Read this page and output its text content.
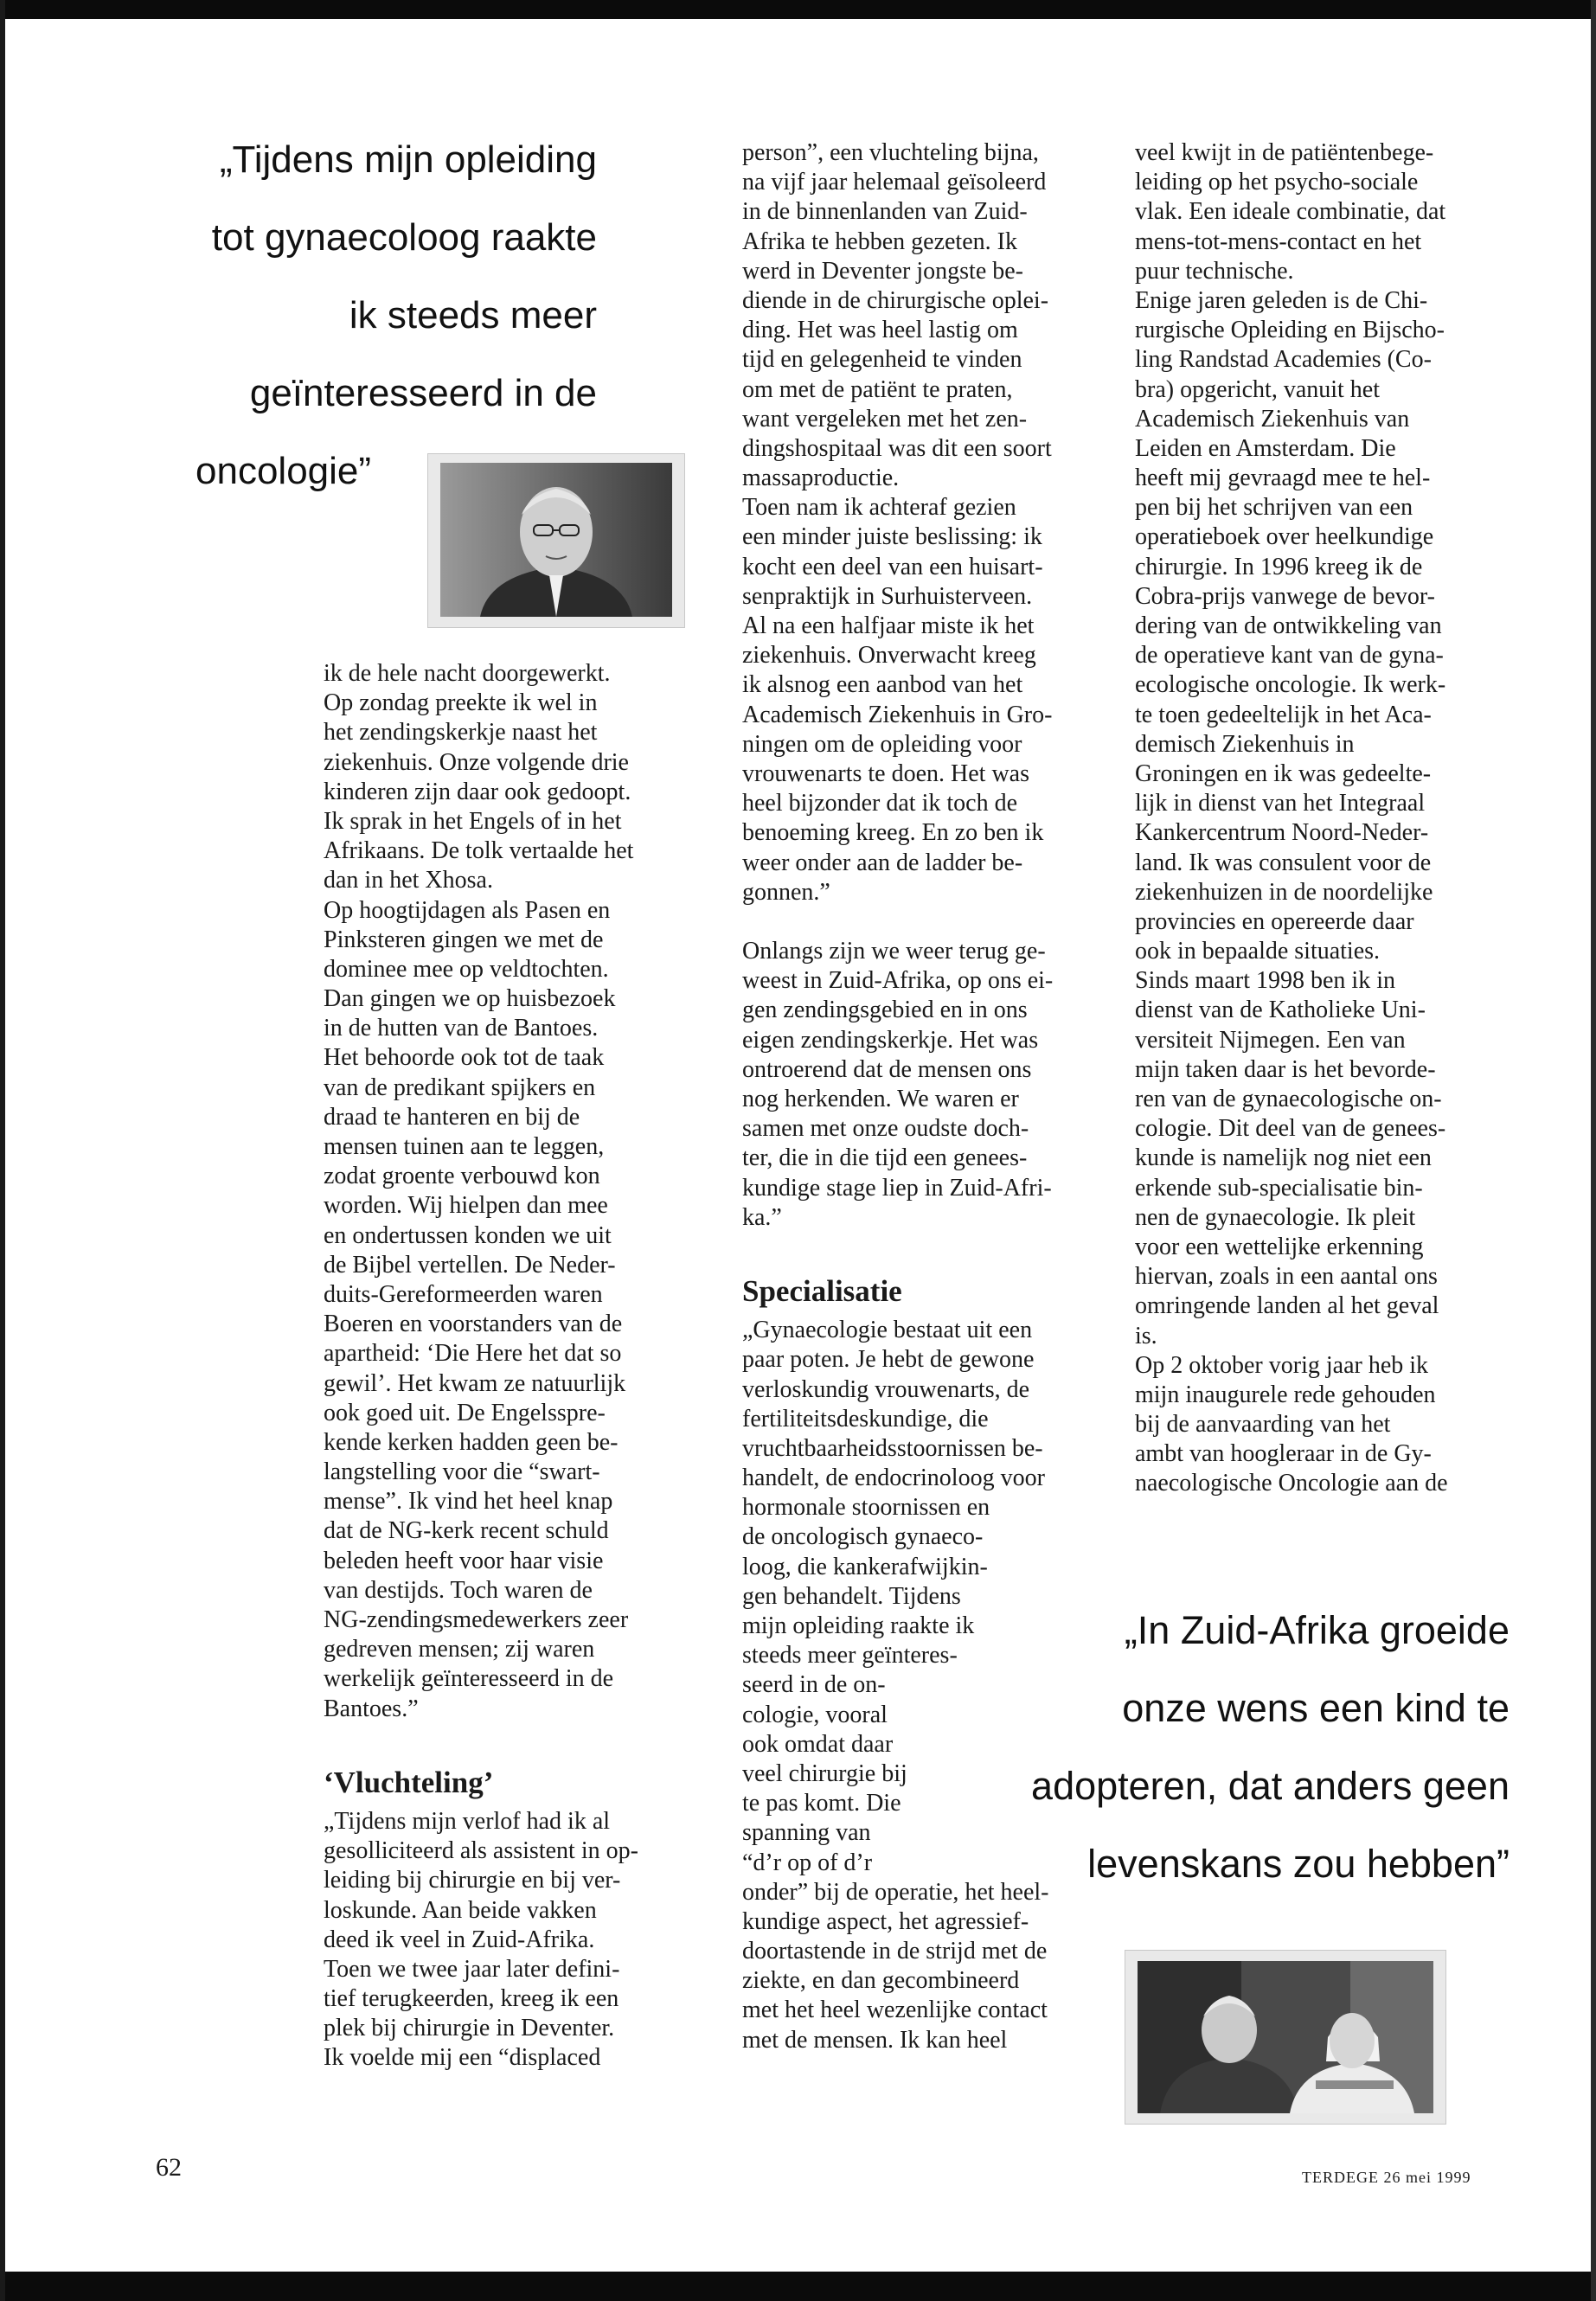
„Tijdens mijn opleiding
tot gynaecoloog raakte
ik steeds meer
geïnteresseerd in de
oncologie”
ik de hele nacht doorgewerkt.
Op zondag preekte ik wel in
het zendingskerkje naast het
ziekenhuis. Onze volgende drie
kinderen zijn daar ook gedoopt.
Ik sprak in het Engels of in het
Afrikaans. De tolk vertaalde het
dan in het Xhosa.
Op hoogtijdagen als Pasen en
Pinksteren gingen we met de
dominee mee op veldtochten.
Dan gingen we op huisbezoek
in de hutten van de Bantoes.
Het behoorde ook tot de taak
van de predikant spijkers en
draad te hanteren en bij de
mensen tuinen aan te leggen,
zodat groente verbouwd kon
worden. Wij hielpen dan mee
en ondertussen konden we uit
de Bijbel vertellen. De Neder-
duits-Gereformeerden waren
Boeren en voorstanders van de
apartheid: ‘Die Here het dat so
gewil’. Het kwam ze natuurlijk
ook goed uit. De Engelsspre-
kende kerken hadden geen be-
langstelling voor die “swart-
mense”. Ik vind het heel knap
dat de NG-kerk recent schuld
beleden heeft voor haar visie
van destijds. Toch waren de
NG-zendingsmedewerkers zeer
gedreven mensen; zij waren
werkelijk geïnteresseerd in de
Bantoes.”
‘Vluchteling’
„Tijdens mijn verlof had ik al
gesolliciteerd als assistent in op-
leiding bij chirurgie en bij ver-
loskunde. Aan beide vakken
deed ik veel in Zuid-Afrika.
Toen we twee jaar later defini-
tief terugkeerden, kreeg ik een
plek bij chirurgie in Deventer.
Ik voelde mij een “displaced
person”, een vluchteling bijna,
na vijf jaar helemaal geïsoleerd
in de binnenlanden van Zuid-
Afrika te hebben gezeten. Ik
werd in Deventer jongste be-
diende in de chirurgische oplei-
ding. Het was heel lastig om
tijd en gelegenheid te vinden
om met de patiënt te praten,
want vergeleken met het zen-
dingshospitaal was dit een soort
massaproductie.
Toen nam ik achteraf gezien
een minder juiste beslissing: ik
kocht een deel van een huisart-
senpraktijk in Surhuisterveen.
Al na een halfjaar miste ik het
ziekenhuis. Onverwacht kreeg
ik alsnog een aanbod van het
Academisch Ziekenhuis in Gro-
ningen om de opleiding voor
vrouwenarts te doen. Het was
heel bijzonder dat ik toch de
benoeming kreeg. En zo ben ik
weer onder aan de ladder be-
gonnen.”
Onlangs zijn we weer terug ge-
weest in Zuid-Afrika, op ons ei-
gen zendingsgebied en in ons
eigen zendingskerkje. Het was
ontroerend dat de mensen ons
nog herkenden. We waren er
samen met onze oudste doch-
ter, die in die tijd een genees-
kundige stage liep in Zuid-Afri-
ka.”
Specialisatie
„Gynaecologie bestaat uit een
paar poten. Je hebt de gewone
verloskundig vrouwenarts, de
fertiliteitsdeskundige, die
vruchtbaarheidsstoornissen be-
handelt, de endocrinoloog voor
hormonale stoornissen en
de oncologisch gynaeco-
loog, die kankerafwijkin-
gen behandelt. Tijdens
mijn opleiding raakte ik
steeds meer geïnteres-
seerd in de on-
cologie, vooral
ook omdat daar
veel chirurgie bij
te pas komt. Die
spanning van
“d’r op of d’r
onder” bij de operatie, het heel-
kundige aspect, het agressief-
doortastende in de strijd met de
ziekte, en dan gecombineerd
met het heel wezenlijke contact
met de mensen. Ik kan heel
veel kwijt in de patiëntenbege-
leiding op het psycho-sociale
vlak. Een ideale combinatie, dat
mens-tot-mens-contact en het
puur technische.
Enige jaren geleden is de Chi-
rurgische Opleiding en Bijscho-
ling Randstad Academies (Co-
bra) opgericht, vanuit het
Academisch Ziekenhuis van
Leiden en Amsterdam. Die
heeft mij gevraagd mee te hel-
pen bij het schrijven van een
operatieboek over heelkundige
chirurgie. In 1996 kreeg ik de
Cobra-prijs vanwege de bevor-
dering van de ontwikkeling van
de operatieve kant van de gyna-
ecologische oncologie. Ik werk-
te toen gedeeltelijk in het Aca-
demisch Ziekenhuis in
Groningen en ik was gedeelte-
lijk in dienst van het Integraal
Kankercentrum Noord-Neder-
land. Ik was consulent voor de
ziekenhuizen in de noordelijke
provincies en opereerde daar
ook in bepaalde situaties.
Sinds maart 1998 ben ik in
dienst van de Katholieke Uni-
versiteit Nijmegen. Een van
mijn taken daar is het bevorde-
ren van de gynaecologische on-
cologie. Dit deel van de genees-
kunde is namelijk nog niet een
erkende sub-specialisatie bin-
nen de gynaecologie. Ik pleit
voor een wettelijke erkenning
hiervan, zoals in een aantal ons
omringende landen al het geval
is.
Op 2 oktober vorig jaar heb ik
mijn inaugurele rede gehouden
bij de aanvaarding van het
ambt van hoogleraar in de Gy-
naecologische Oncologie aan de
„In Zuid-Afrika groeide
onze wens een kind te
adopteren, dat anders geen
levenskans zou hebben”
62	TERDEGE 26 mei 1999
